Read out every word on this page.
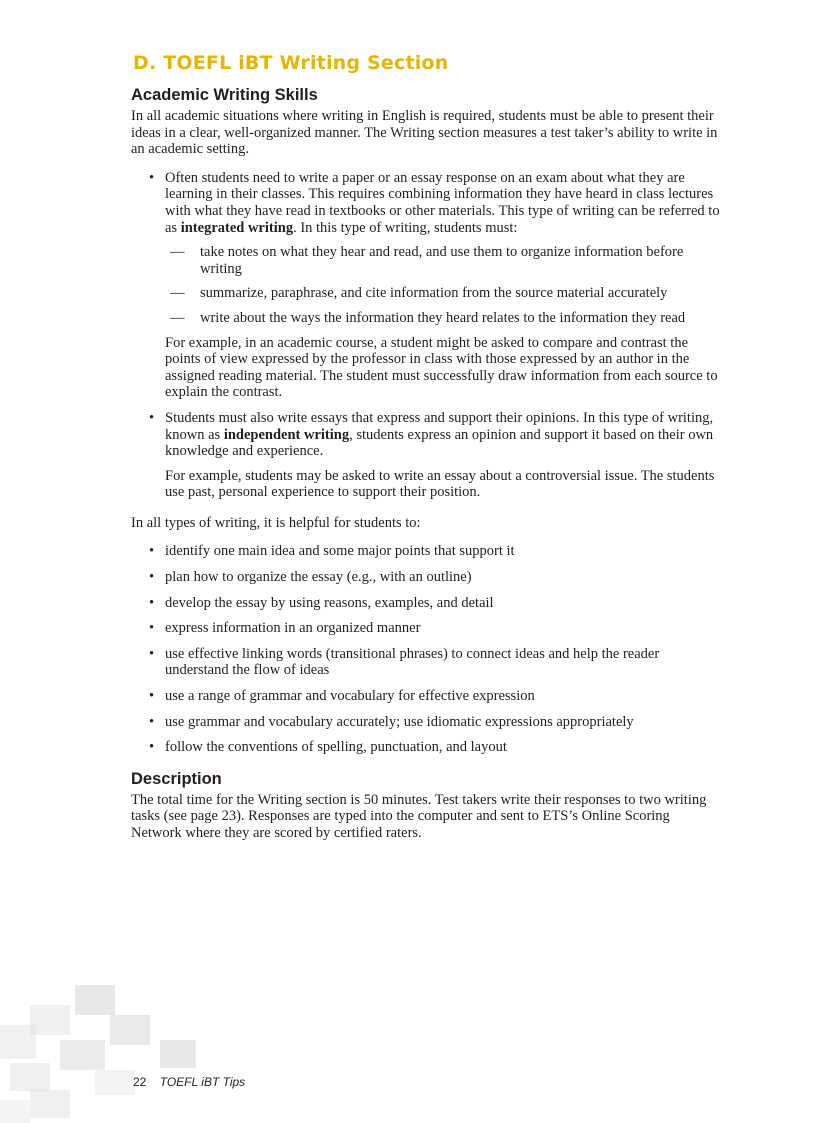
D. TOEFL iBT Writing Section
Academic Writing Skills

In all academic situations where writing in English is required, students must be able to present their ideas in a clear, well-organized manner. The Writing section measures a test taker’s ability to write in an academic setting.

• Often students need to write a paper or an essay response on an exam about what they are learning in their classes. This requires combining information they have heard in class lectures with what they have read in textbooks or other materials. This type of writing can be referred to as integrated writing. In this type of writing, students must:
— take notes on what they hear and read, and use them to organize information before writing
— summarize, paraphrase, and cite information from the source material accurately
— write about the ways the information they heard relates to the information they read

For example, in an academic course, a student might be asked to compare and contrast the points of view expressed by the professor in class with those expressed by an author in the assigned reading material. The student must successfully draw information from each source to explain the contrast.

• Students must also write essays that express and support their opinions. In this type of writing, known as independent writing, students express an opinion and support it based on their own knowledge and experience.

For example, students may be asked to write an essay about a controversial issue. The students use past, personal experience to support their position.

In all types of writing, it is helpful for students to:

• identify one main idea and some major points that support it
• plan how to organize the essay (e.g., with an outline)
• develop the essay by using reasons, examples, and detail
• express information in an organized manner
• use effective linking words (transitional phrases) to connect ideas and help the reader understand the flow of ideas
• use a range of grammar and vocabulary for effective expression
• use grammar and vocabulary accurately; use idiomatic expressions appropriately
• follow the conventions of spelling, punctuation, and layout
Description

The total time for the Writing section is 50 minutes. Test takers write their responses to two writing tasks (see page 23). Responses are typed into the computer and sent to ETS’s Online Scoring Network where they are scored by certified raters.

22 TOEFL iBT Tips
